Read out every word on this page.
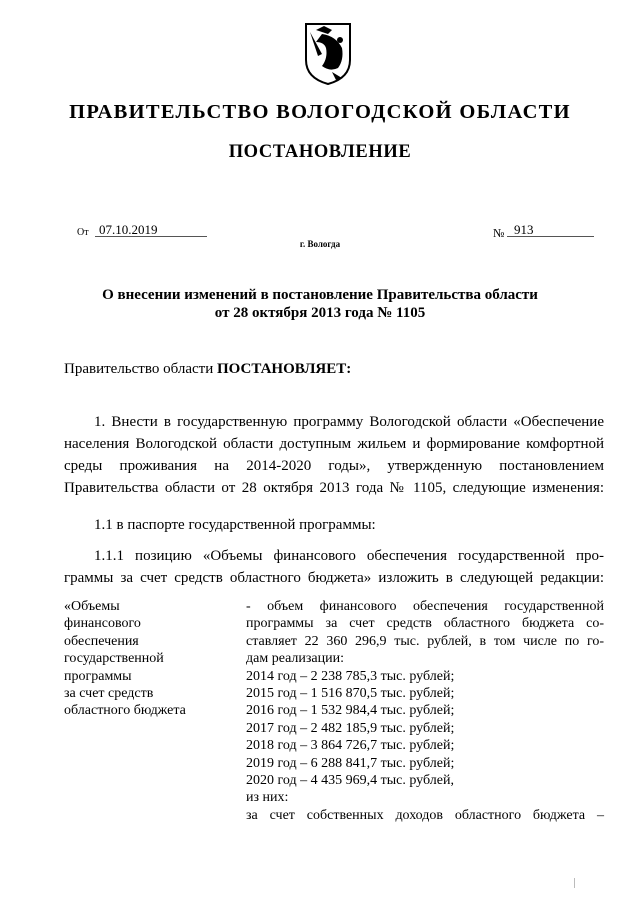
ПРАВИТЕЛЬСТВО ВОЛОГОДСКОЙ ОБЛАСТИ
ПОСТАНОВЛЕНИЕ
От 07.10.2019	№ 913
г. Вологда
О внесении изменений в постановление Правительства области
от 28 октября 2013 года № 1105

Правительство области ПОСТАНОВЛЯЕТ:

1. Внести в государственную программу Вологодской области «Обеспечение
населения Вологодской области доступным жильем и формирование комфортной
среды проживания на 2014-2020 годы», утвержденную постановлением
Правительства области от 28 октября 2013 года № 1105, следующие изменения:
1.1 в паспорте государственной программы:
1.1.1 позицию «Объемы финансового обеспечения государственной про-
граммы за счет средств областного бюджета» изложить в следующей редакции:
«Объемы
финансового
обеспечения
государственной
программы
за счет средств
областного бюджета
- объем финансового обеспечения государственной
программы за счет средств областного бюджета со-
ставляет 22 360 296,9 тыс. рублей, в том числе по го-
дам реализации:
2014 год – 2 238 785,3 тыс. рублей;
2015 год – 1 516 870,5 тыс. рублей;
2016 год – 1 532 984,4 тыс. рублей;
2017 год – 2 482 185,9 тыс. рублей;
2018 год – 3 864 726,7 тыс. рублей;
2019 год – 6 288 841,7 тыс. рублей;
2020 год – 4 435 969,4 тыс. рублей,
из них:
за счет собственных доходов областного бюджета –
